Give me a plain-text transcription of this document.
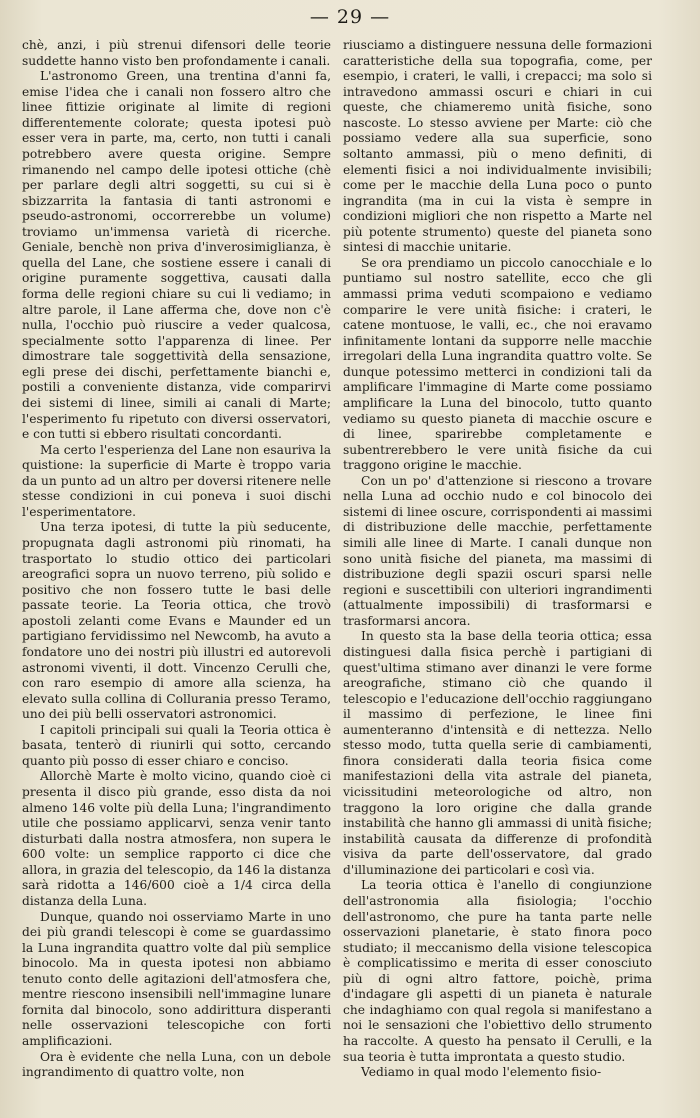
— 29 —

chè, anzi, i più strenui difensori delle teorie suddette hanno visto ben profondamente i canali.

L'astronomo Green, una trentina d'anni fa, emise l'idea che i canali non fossero altro che linee fittizie originate al limite di regioni differentemente colorate; questa ipotesi può esser vera in parte, ma, certo, non tutti i canali potrebbero avere questa origine. Sempre rimanendo nel campo delle ipotesi ottiche (chè per parlare degli altri soggetti, su cui si è sbizzarrita la fantasia di tanti astronomi e pseudo-astronomi, occorrerebbe un volume) troviamo un'immensa varietà di ricerche. Geniale, benchè non priva d'inverosimiglianza, è quella del Lane, che sostiene essere i canali di origine puramente soggettiva, causati dalla forma delle regioni chiare su cui li vediamo; in altre parole, il Lane afferma che, dove non c'è nulla, l'occhio può riuscire a veder qualcosa, specialmente sotto l'apparenza di linee. Per dimostrare tale soggettività della sensazione, egli prese dei dischi, perfettamente bianchi e, postili a conveniente distanza, vide comparirvi dei sistemi di linee, simili ai canali di Marte; l'esperimento fu ripetuto con diversi osservatori, e con tutti si ebbero risultati concordanti.

Ma certo l'esperienza del Lane non esauriva la quistione: la superficie di Marte è troppo varia da un punto ad un altro per doversi ritenere nelle stesse condizioni in cui poneva i suoi dischi l'esperimentatore.

Una terza ipotesi, di tutte la più seducente, propugnata dagli astronomi più rinomati, ha trasportato lo studio ottico dei particolari areografici sopra un nuovo terreno, più solido e positivo che non fossero tutte le basi delle passate teorie. La Teoria ottica, che trovò apostoli zelanti come Evans e Maunder ed un partigiano fervidissimo nel Newcomb, ha avuto a fondatore uno dei nostri più illustri ed autorevoli astronomi viventi, il dott. Vincenzo Cerulli che, con raro esempio di amore alla scienza, ha elevato sulla collina di Collurania presso Teramo, uno dei più belli osservatori astronomici.

I capitoli principali sui quali la Teoria ottica è basata, tenterò di riunirli qui sotto, cercando quanto più posso di esser chiaro e conciso.

Allorchè Marte è molto vicino, quando cioè ci presenta il disco più grande, esso dista da noi almeno 146 volte più della Luna; l'ingrandimento utile che possiamo applicarvi, senza venir tanto disturbati dalla nostra atmosfera, non supera le 600 volte: un semplice rapporto ci dice che allora, in grazia del telescopio, da 146 la distanza sarà ridotta a 146/600 cioè a 1/4 circa della distanza della Luna.

Dunque, quando noi osserviamo Marte in uno dei più grandi telescopi è come se guardassimo la Luna ingrandita quattro volte dal più semplice binocolo. Ma in questa ipotesi non abbiamo tenuto conto delle agitazioni dell'atmosfera che, mentre riescono insensibili nell'immagine lunare fornita dal binocolo, sono addirittura disperanti nelle osservazioni telescopiche con forti amplificazioni.

Ora è evidente che nella Luna, con un debole ingrandimento di quattro volte, non

riusciamo a distinguere nessuna delle formazioni caratteristiche della sua topografia, come, per esempio, i crateri, le valli, i crepacci; ma solo si intravedono ammassi oscuri e chiari in cui queste, che chiameremo unità fisiche, sono nascoste. Lo stesso avviene per Marte: ciò che possiamo vedere alla sua superficie, sono soltanto ammassi, più o meno definiti, di elementi fisici a noi individualmente invisibili; come per le macchie della Luna poco o punto ingrandita (ma in cui la vista è sempre in condizioni migliori che non rispetto a Marte nel più potente strumento) queste del pianeta sono sintesi di macchie unitarie.

Se ora prendiamo un piccolo canocchiale e lo puntiamo sul nostro satellite, ecco che gli ammassi prima veduti scompaiono e vediamo comparire le vere unità fisiche: i crateri, le catene montuose, le valli, ec., che noi eravamo infinitamente lontani da supporre nelle macchie irregolari della Luna ingrandita quattro volte. Se dunque potessimo metterci in condizioni tali da amplificare l'immagine di Marte come possiamo amplificare la Luna del binocolo, tutto quanto vediamo su questo pianeta di macchie oscure e di linee, sparirebbe completamente e subentrerebbero le vere unità fisiche da cui traggono origine le macchie.

Con un po' d'attenzione si riescono a trovare nella Luna ad occhio nudo e col binocolo dei sistemi di linee oscure, corrispondenti ai massimi di distribuzione delle macchie, perfettamente simili alle linee di Marte. I canali dunque non sono unità fisiche del pianeta, ma massimi di distribuzione degli spazii oscuri sparsi nelle regioni e suscettibili con ulteriori ingrandimenti (attualmente impossibili) di trasformarsi e trasformarsi ancora.

In questo sta la base della teoria ottica; essa distinguesi dalla fisica perchè i partigiani di quest'ultima stimano aver dinanzi le vere forme areografiche, stimano ciò che quando il telescopio e l'educazione dell'occhio raggiungano il massimo di perfezione, le linee fini aumenteranno d'intensità e di nettezza. Nello stesso modo, tutta quella serie di cambiamenti, finora considerati dalla teoria fisica come manifestazioni della vita astrale del pianeta, vicissitudini meteorologiche od altro, non traggono la loro origine che dalla grande instabilità che hanno gli ammassi di unità fisiche; instabilità causata da differenze di profondità visiva da parte dell'osservatore, dal grado d'illuminazione dei particolari e così via.

La teoria ottica è l'anello di congiunzione dell'astronomia alla fisiologia; l'occhio dell'astronomo, che pure ha tanta parte nelle osservazioni planetarie, è stato finora poco studiato; il meccanismo della visione telescopica è complicatissimo e merita di esser conosciuto più di ogni altro fattore, poichè, prima d'indagare gli aspetti di un pianeta è naturale che indaghiamo con qual regola si manifestano a noi le sensazioni che l'obiettivo dello strumento ha raccolte. A questo ha pensato il Cerulli, e la sua teoria è tutta improntata a questo studio.

Vediamo in qual modo l'elemento fisio-
